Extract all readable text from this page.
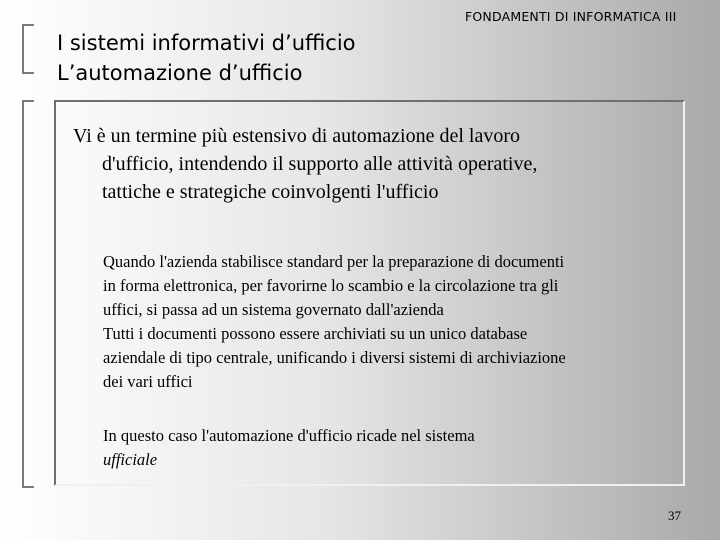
I sistemi informativi d’ufficio
L’automazione d’ufficio
FONDAMENTI DI INFORMATICA III
Vi è un termine più estensivo di automazione del lavoro
d'ufficio, intendendo il supporto alle attività operative,
tattiche e strategiche coinvolgenti l'ufficio
Quando l'azienda stabilisce standard per la preparazione di documenti
in forma elettronica, per favorirne lo scambio e la circolazione tra gli
uffici, si passa ad un sistema governato dall'azienda
Tutti i documenti possono essere archiviati su un unico database
aziendale di tipo centrale, unificando i diversi sistemi di archiviazione
dei vari uffici
In questo caso l'automazione d'ufficio ricade nel sistema
ufficiale
37
